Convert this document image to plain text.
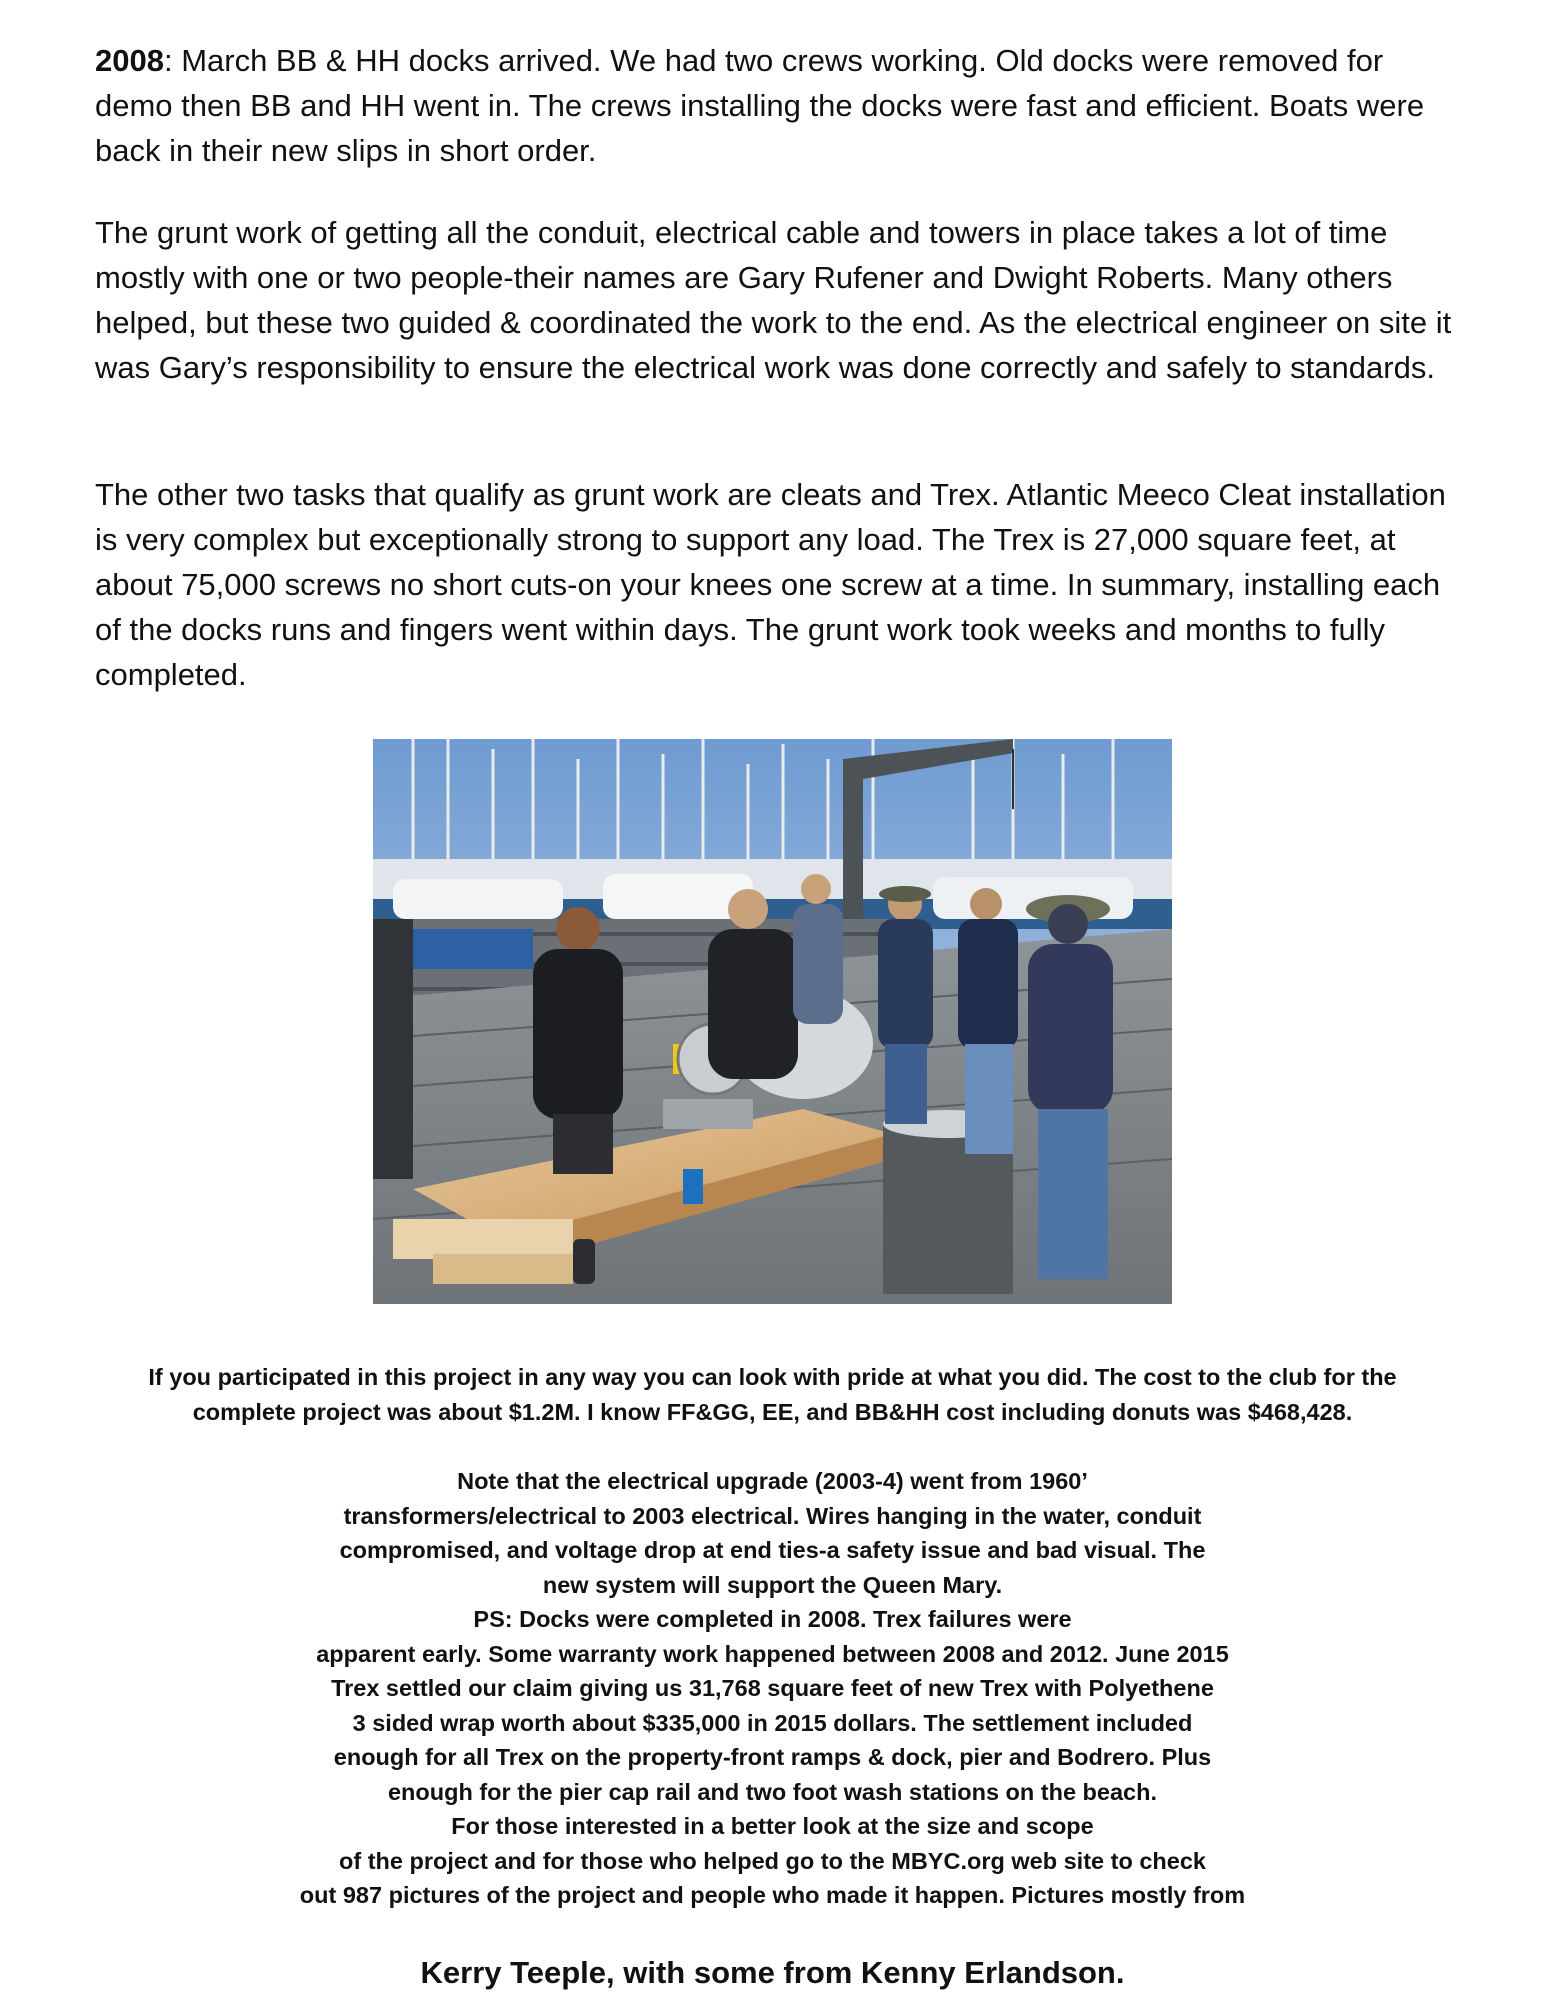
2008: March BB & HH docks arrived. We had two crews working. Old docks were removed for demo then BB and HH went in. The crews installing the docks were fast and efficient. Boats were back in their new slips in short order.

The grunt work of getting all the conduit, electrical cable and towers in place takes a lot of time mostly with one or two people-their names are Gary Rufener and Dwight Roberts. Many others helped, but these two guided & coordinated the work to the end. As the electrical engineer on site it was Gary’s responsibility to ensure the electrical work was done correctly and safely to standards.

The other two tasks that qualify as grunt work are cleats and Trex. Atlantic Meeco Cleat installation is very complex but exceptionally strong to support any load. The Trex is 27,000 square feet, at about 75,000 screws no short cuts-on your knees one screw at a time. In summary, installing each of the docks runs and fingers went within days. The grunt work took weeks and months to fully completed.

If you participated in this project in any way you can look with pride at what you did. The cost to the club for the
complete project was about $1.2M. I know FF&GG, EE, and BB&HH cost including donuts was $468,428.

Note that the electrical upgrade (2003-4) went from 1960’
transformers/electrical to 2003 electrical. Wires hanging in the water, conduit
compromised, and voltage drop at end ties-a safety issue and bad visual. The
new system will support the Queen Mary.
PS: Docks were completed in 2008. Trex failures were
apparent early. Some warranty work happened between 2008 and 2012. June 2015
Trex settled our claim giving us 31,768 square feet of new Trex with Polyethene
3 sided wrap worth about $335,000 in 2015 dollars. The settlement included
enough for all Trex on the property-front ramps & dock, pier and Bodrero. Plus
enough for the pier cap rail and two foot wash stations on the beach.
For those interested in a better look at the size and scope
of the project and for those who helped go to the MBYC.org web site to check
out 987 pictures of the project and people who made it happen. Pictures mostly from

Kerry Teeple, with some from Kenny Erlandson.
